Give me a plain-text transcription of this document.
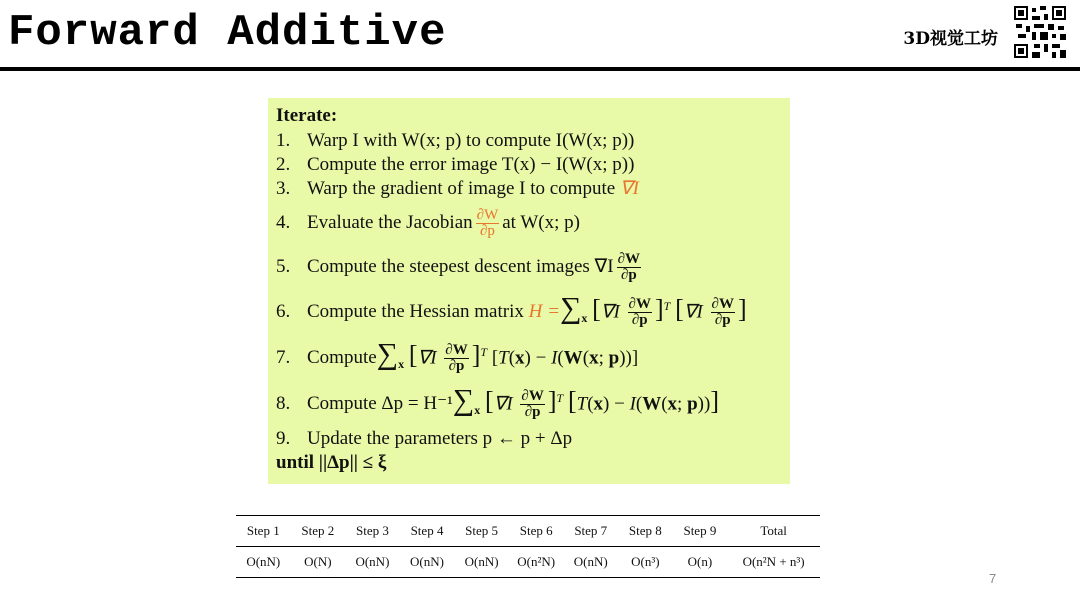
Forward Additive	3D视觉工坊
Iterate:
1. Warp I with W(x; p) to compute I(W(x; p))
2. Compute the error image T(x) − I(W(x; p))
3. Warp the gradient of image I to compute
∇I
4. Evaluate the Jacobian $\frac{\partial W}{\partial p}$ at W(x; p)
5. Compute the steepest descent images $\nabla I \frac{\partial W}{\partial p}$
6. Compute the Hessian matrix
$H = \sum_x$ $[\nabla I \frac{\partial W}{\partial p} ]^T$ [$\nabla I \frac{\partial W}{\partial p}$ ]
7. Compute $\sum_x$ $[\nabla I \frac{\partial W}{\partial p} ]^T$ [T(x) − I(W(x; p))]
8. Compute Δp = H⁻¹ $\sum_x$ $[\nabla I \frac{\partial W}{\partial p} ]^T$ [T(x) − I(W(x; p))]
9. Update the parameters p ← p + Δp
until ||Δp|| ≤ ξ
Step 1	Step 2	Step 3	Step 4	Step 5	Step 6	Step 7	Step 8	Step 9	Total
O(nN)	O(N)	O(nN)	O(nN)	O(nN)	O(n²N)	O(nN)	O(n³)	O(n)	O(n²N + n³)
7
